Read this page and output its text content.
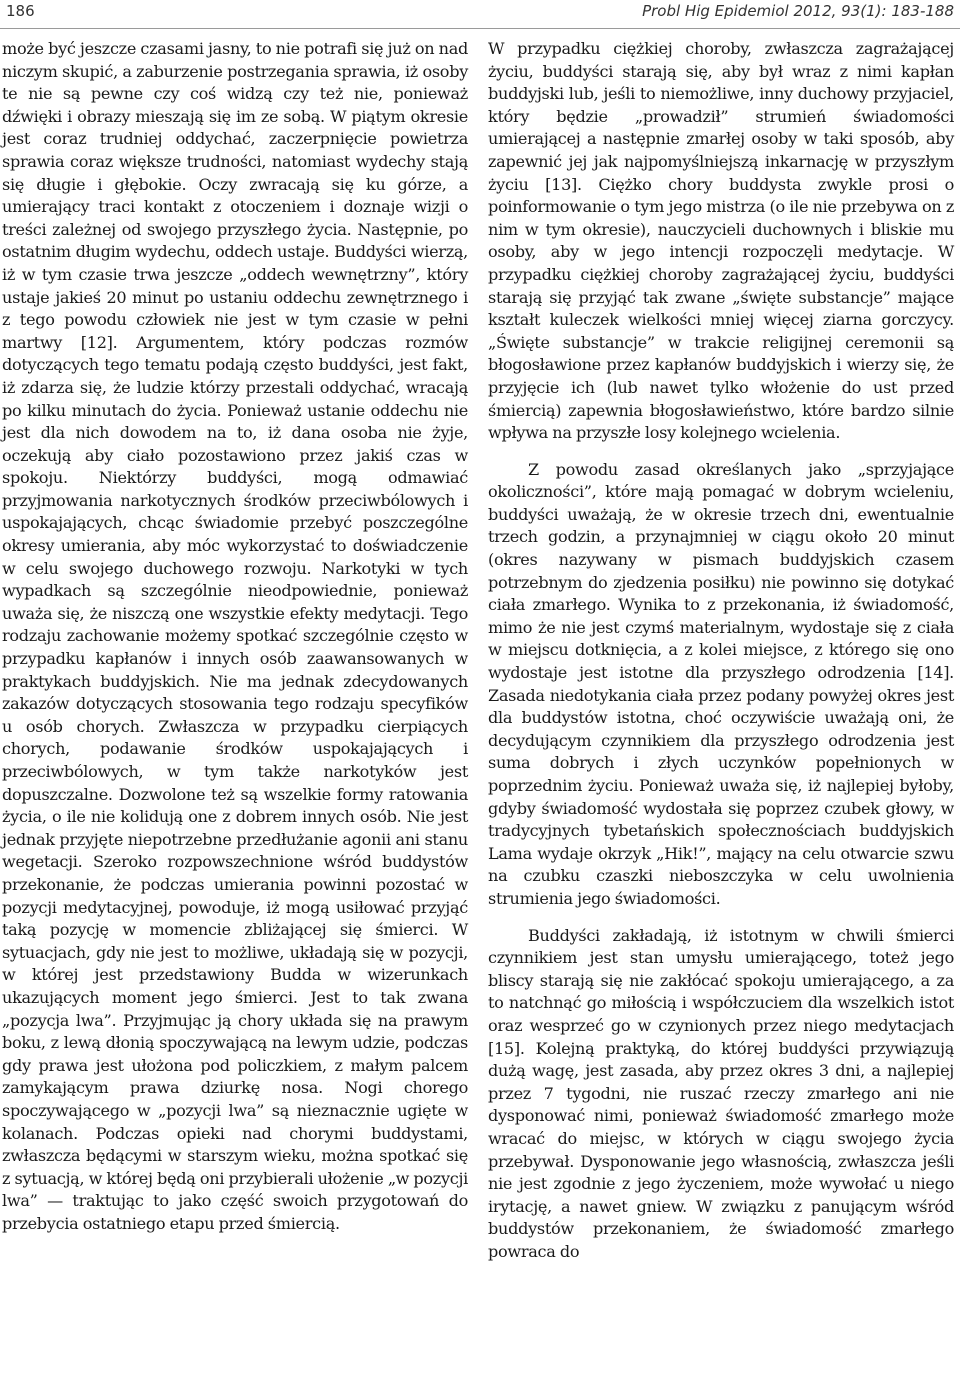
186	Probl Hig Epidemiol 2012, 93(1): 183-188

może być jeszcze czasami jasny, to nie potrafi się już on nad niczym skupić, a zaburzenie postrzegania sprawia, iż osoby te nie są pewne czy coś widzą czy też nie, ponieważ dźwięki i obrazy mieszają się im ze sobą. W piątym okresie jest coraz trudniej oddychać, zaczerpnięcie powietrza sprawia coraz większe trudności, natomiast wydechy stają się długie i głębokie. Oczy zwracają się ku górze, a umierający traci kontakt z otoczeniem i doznaje wizji o treści zależnej od swojego przyszłego życia. Następnie, po ostatnim długim wydechu, oddech ustaje. Buddyści wierzą, iż w tym czasie trwa jeszcze „oddech wewnętrzny”, który ustaje jakieś 20 minut po ustaniu oddechu zewnętrznego i z tego powodu człowiek nie jest w tym czasie w pełni martwy [12]. Argumentem, który podczas rozmów dotyczących tego tematu podają często buddyści, jest fakt, iż zdarza się, że ludzie którzy przestali oddychać, wracają po kilku minutach do życia. Ponieważ ustanie oddechu nie jest dla nich dowodem na to, iż dana osoba nie żyje, oczekują aby ciało pozostawiono przez jakiś czas w spokoju. Niektórzy buddyści, mogą odmawiać przyjmowania narkotycznych środków przeciwbólowych i uspokajających, chcąc świadomie przebyć poszczególne okresy umierania, aby móc wykorzystać to doświadczenie w celu swojego duchowego rozwoju. Narkotyki w tych wypadkach są szczególnie nieodpowiednie, ponieważ uważa się, że niszczą one wszystkie efekty medytacji. Tego rodzaju zachowanie możemy spotkać szczególnie często w przypadku kapłanów i innych osób zaawansowanych w praktykach buddyjskich. Nie ma jednak zdecydowanych zakazów dotyczących stosowania tego rodzaju specyfików u osób chorych. Zwłaszcza w przypadku cierpiących chorych, podawanie środków uspokajających i przeciwbólowych, w tym także narkotyków jest dopuszczalne. Dozwolone też są wszelkie formy ratowania życia, o ile nie kolidują one z dobrem innych osób. Nie jest jednak przyjęte niepotrzebne przedłużanie agonii ani stanu wegetacji. Szeroko rozpowszechnione wśród buddystów przekonanie, że podczas umierania powinni pozostać w pozycji medytacyjnej, powoduje, iż mogą usiłować przyjąć taką pozycję w momencie zbliżającej się śmierci. W sytuacjach, gdy nie jest to możliwe, układają się w pozycji, w której jest przedstawiony Budda w wizerunkach ukazujących moment jego śmierci. Jest to tak zwana „pozycja lwa”. Przyjmując ją chory układa się na prawym boku, z lewą dłonią spoczywającą na lewym udzie, podczas gdy prawa jest ułożona pod policzkiem, z małym palcem zamykającym prawa dziurkę nosa. Nogi chorego spoczywającego w „pozycji lwa” są nieznacznie ugięte w kolanach. Podczas opieki nad chorymi buddystami, zwłaszcza będącymi w starszym wieku, można spotkać się z sytuacją, w której będą oni przybierali ułożenie „w pozycji lwa” — traktując to jako część swoich przygotowań do przebycia ostatniego etapu przed śmiercią.

W przypadku ciężkiej choroby, zwłaszcza zagrażającej życiu, buddyści starają się, aby był wraz z nimi kapłan buddyjski lub, jeśli to niemożliwe, inny duchowy przyjaciel, który będzie „prowadził” strumień świadomości umierającej a następnie zmarłej osoby w taki sposób, aby zapewnić jej jak najpomyślniejszą inkarnację w przyszłym życiu [13]. Ciężko chory buddysta zwykle prosi o poinformowanie o tym jego mistrza (o ile nie przebywa on z nim w tym okresie), nauczycieli duchownych i bliskie mu osoby, aby w jego intencji rozpoczęli medytacje. W przypadku ciężkiej choroby zagrażającej życiu, buddyści starają się przyjąć tak zwane „święte substancje” mające kształt kuleczek wielkości mniej więcej ziarna gorczycy. „Święte substancje” w trakcie religijnej ceremonii są błogosławione przez kapłanów buddyjskich i wierzy się, że przyjęcie ich (lub nawet tylko włożenie do ust przed śmiercią) zapewnia błogosławieństwo, które bardzo silnie wpływa na przyszłe losy kolejnego wcielenia.

Z powodu zasad określanych jako „sprzyjające okoliczności”, które mają pomagać w dobrym wcieleniu, buddyści uważają, że w okresie trzech dni, ewentualnie trzech godzin, a przynajmniej w ciągu około 20 minut (okres nazywany w pismach buddyjskich czasem potrzebnym do zjedzenia posiłku) nie powinno się dotykać ciała zmarłego. Wynika to z przekonania, iż świadomość, mimo że nie jest czymś materialnym, wydostaje się z ciała w miejscu dotknięcia, a z kolei miejsce, z którego się ono wydostaje jest istotne dla przyszłego odrodzenia [14]. Zasada niedotykania ciała przez podany powyżej okres jest dla buddystów istotna, choć oczywiście uważają oni, że decydującym czynnikiem dla przyszłego odrodzenia jest suma dobrych i złych uczynków popełnionych w poprzednim życiu. Ponieważ uważa się, iż najlepiej byłoby, gdyby świadomość wydostała się poprzez czubek głowy, w tradycyjnych tybetańskich społecznościach buddyjskich Lama wydaje okrzyk „Hik!”, mający na celu otwarcie szwu na czubku czaszki nieboszczyka w celu uwolnienia strumienia jego świadomości.

Buddyści zakładają, iż istotnym w chwili śmierci czynnikiem jest stan umysłu umierającego, toteż jego bliscy starają się nie zakłócać spokoju umierającego, a za to natchnąć go miłością i współczuciem dla wszelkich istot oraz wesprzeć go w czynionych przez niego medytacjach [15]. Kolejną praktyką, do której buddyści przywiązują dużą wagę, jest zasada, aby przez okres 3 dni, a najlepiej przez 7 tygodni, nie ruszać rzeczy zmarłego ani nie dysponować nimi, ponieważ świadomość zmarłego może wracać do miejsc, w których w ciągu swojego życia przebywał. Dysponowanie jego własnością, zwłaszcza jeśli nie jest zgodnie z jego życzeniem, może wywołać u niego irytację, a nawet gniew. W związku z panującym wśród buddystów przekonaniem, że świadomość zmarłego powraca do
